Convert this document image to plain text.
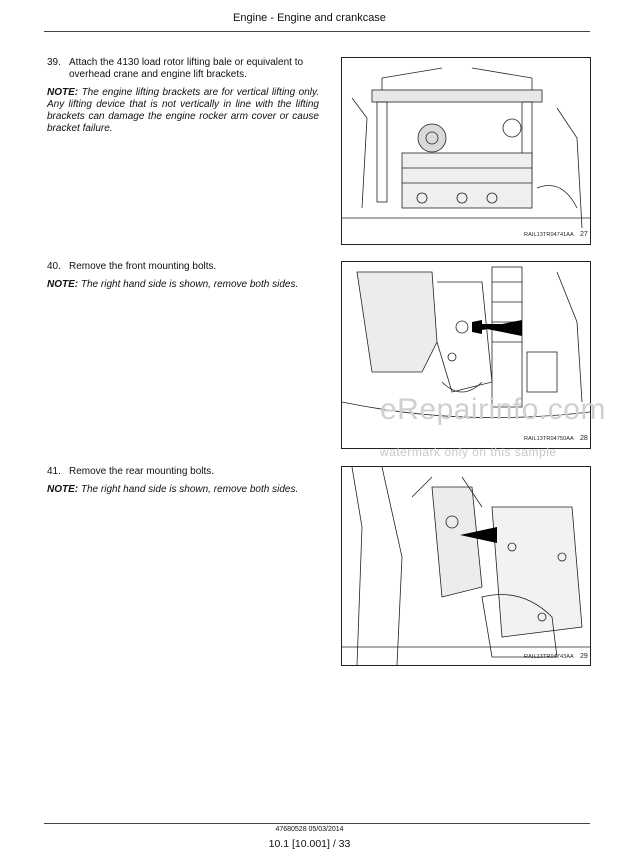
Engine - Engine and crankcase
39. Attach the 4130 load rotor lifting bale or equivalent to overhead crane and engine lift brackets.
NOTE: The engine lifting brackets are for vertical lifting only. Any lifting device that is not vertically in line with the lifting brackets can damage the engine rocker arm cover or cause bracket failure.
RAIL13TR04741AA 27
40. Remove the front mounting bolts.
NOTE: The right hand side is shown, remove both sides.
RAIL13TR04750AA 28
41. Remove the rear mounting bolts.
NOTE: The right hand side is shown, remove both sides.
RAIL13TR04743AA 29
eRepairinfo.com
watermark only on this sample
47680528 05/03/2014
10.1 [10.001] / 33
